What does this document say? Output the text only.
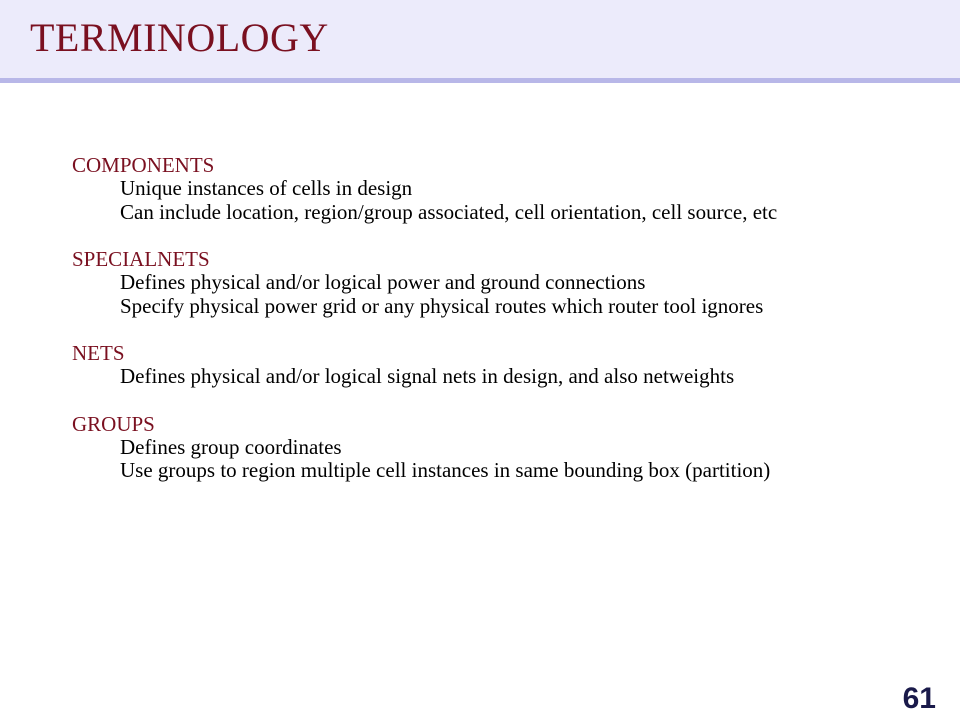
TERMINOLOGY
COMPONENTS
Unique instances of cells in design
Can include location, region/group associated, cell orientation, cell source, etc
SPECIALNETS
Defines physical and/or logical power and ground connections
Specify physical power grid or any physical routes which router tool ignores
NETS
Defines physical and/or logical signal nets in design, and also netweights
GROUPS
Defines group coordinates
Use groups to region multiple cell instances in same bounding box (partition)
61
